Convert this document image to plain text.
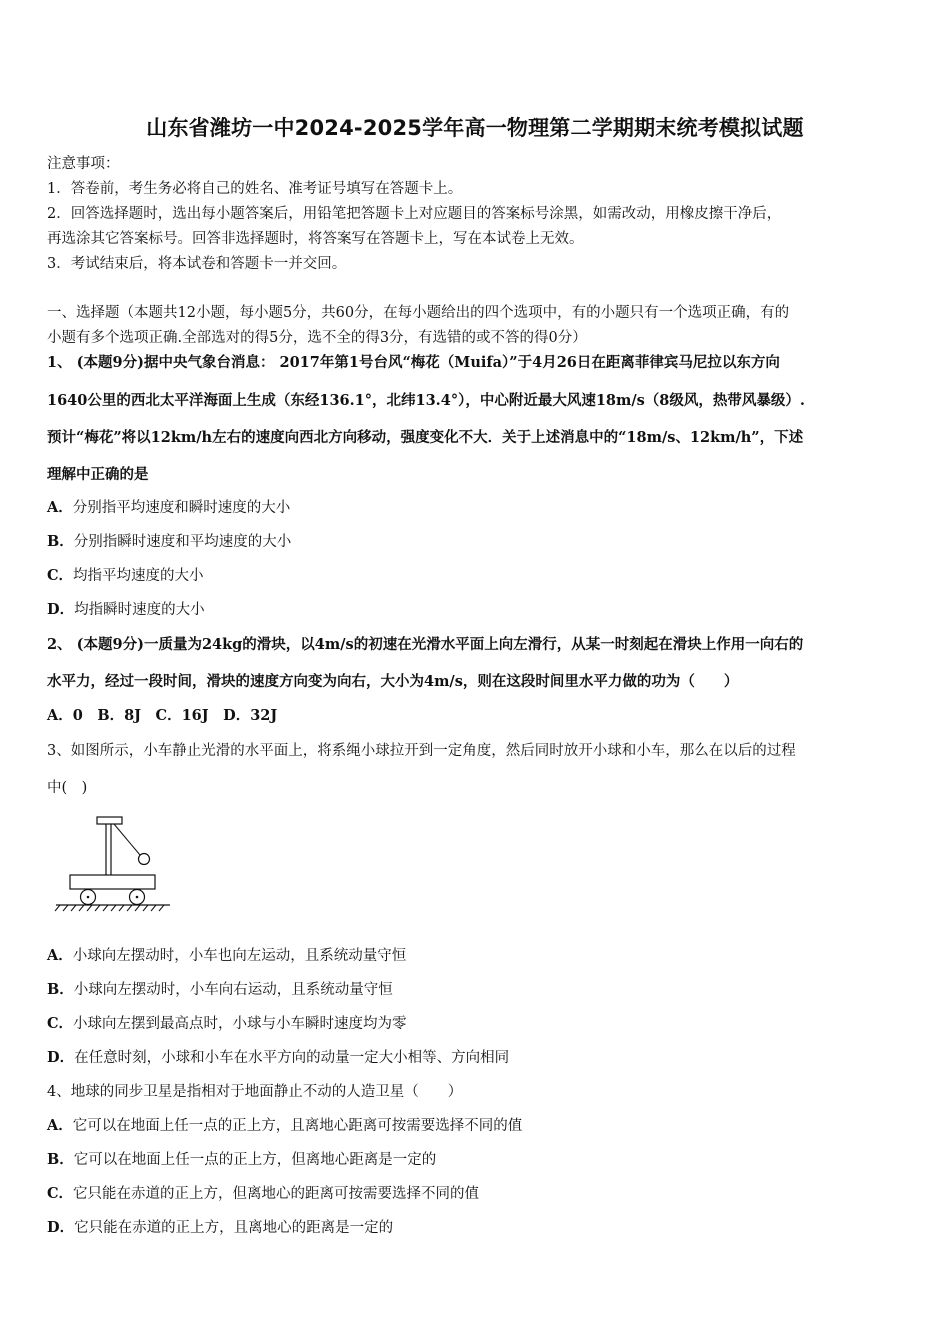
山东省潍坊一中2024-2025学年高一物理第二学期期末统考模拟试题
注意事项：
1．答卷前，考生务必将自己的姓名、准考证号填写在答题卡上。
2．回答选择题时，选出每小题答案后，用铅笔把答题卡上对应题目的答案标号涂黑，如需改动，用橡皮擦干净后，
再选涂其它答案标号。回答非选择题时，将答案写在答题卡上，写在本试卷上无效。
3．考试结束后，将本试卷和答题卡一并交回。
一、选择题（本题共12小题，每小题5分，共60分，在每小题给出的四个选项中，有的小题只有一个选项正确，有的
小题有多个选项正确.全部选对的得5分，选不全的得3分，有选错的或不答的得0分）
1、 (本题9分)据中央气象台消息： 2017年第1号台风“梅花（Muifa）”于4月26日在距离菲律宾马尼拉以东方向
1640公里的西北太平洋海面上生成（东经136.1°，北纬13.4°），中心附近最大风速18m/s（8级风，热带风暴级）.
预计“梅花”将以12km/h左右的速度向西北方向移动，强度变化不大．关于上述消息中的“18m/s、12km/h”，下述
理解中正确的是
A．分别指平均速度和瞬时速度的大小
B．分别指瞬时速度和平均速度的大小
C．均指平均速度的大小
D．均指瞬时速度的大小
2、 (本题9分)一质量为24kg的滑块，以4m/s的初速在光滑水平面上向左滑行，从某一时刻起在滑块上作用一向右的
水平力，经过一段时间，滑块的速度方向变为向右，大小为4m/s，则在这段时间里水平力做的功为（　　）
A．0　B．8J　C．16J　D．32J
3、如图所示，小车静止光滑的水平面上，将系绳小球拉开到一定角度，然后同时放开小球和小车，那么在以后的过程
中(　)
A．小球向左摆动时，小车也向左运动，且系统动量守恒
B．小球向左摆动时，小车向右运动，且系统动量守恒
C．小球向左摆到最高点时，小球与小车瞬时速度均为零
D．在任意时刻，小球和小车在水平方向的动量一定大小相等、方向相同
4、地球的同步卫星是指相对于地面静止不动的人造卫星（　　）
A．它可以在地面上任一点的正上方，且离地心距离可按需要选择不同的值
B．它可以在地面上任一点的正上方，但离地心距离是一定的
C．它只能在赤道的正上方，但离地心的距离可按需要选择不同的值
D．它只能在赤道的正上方，且离地心的距离是一定的
